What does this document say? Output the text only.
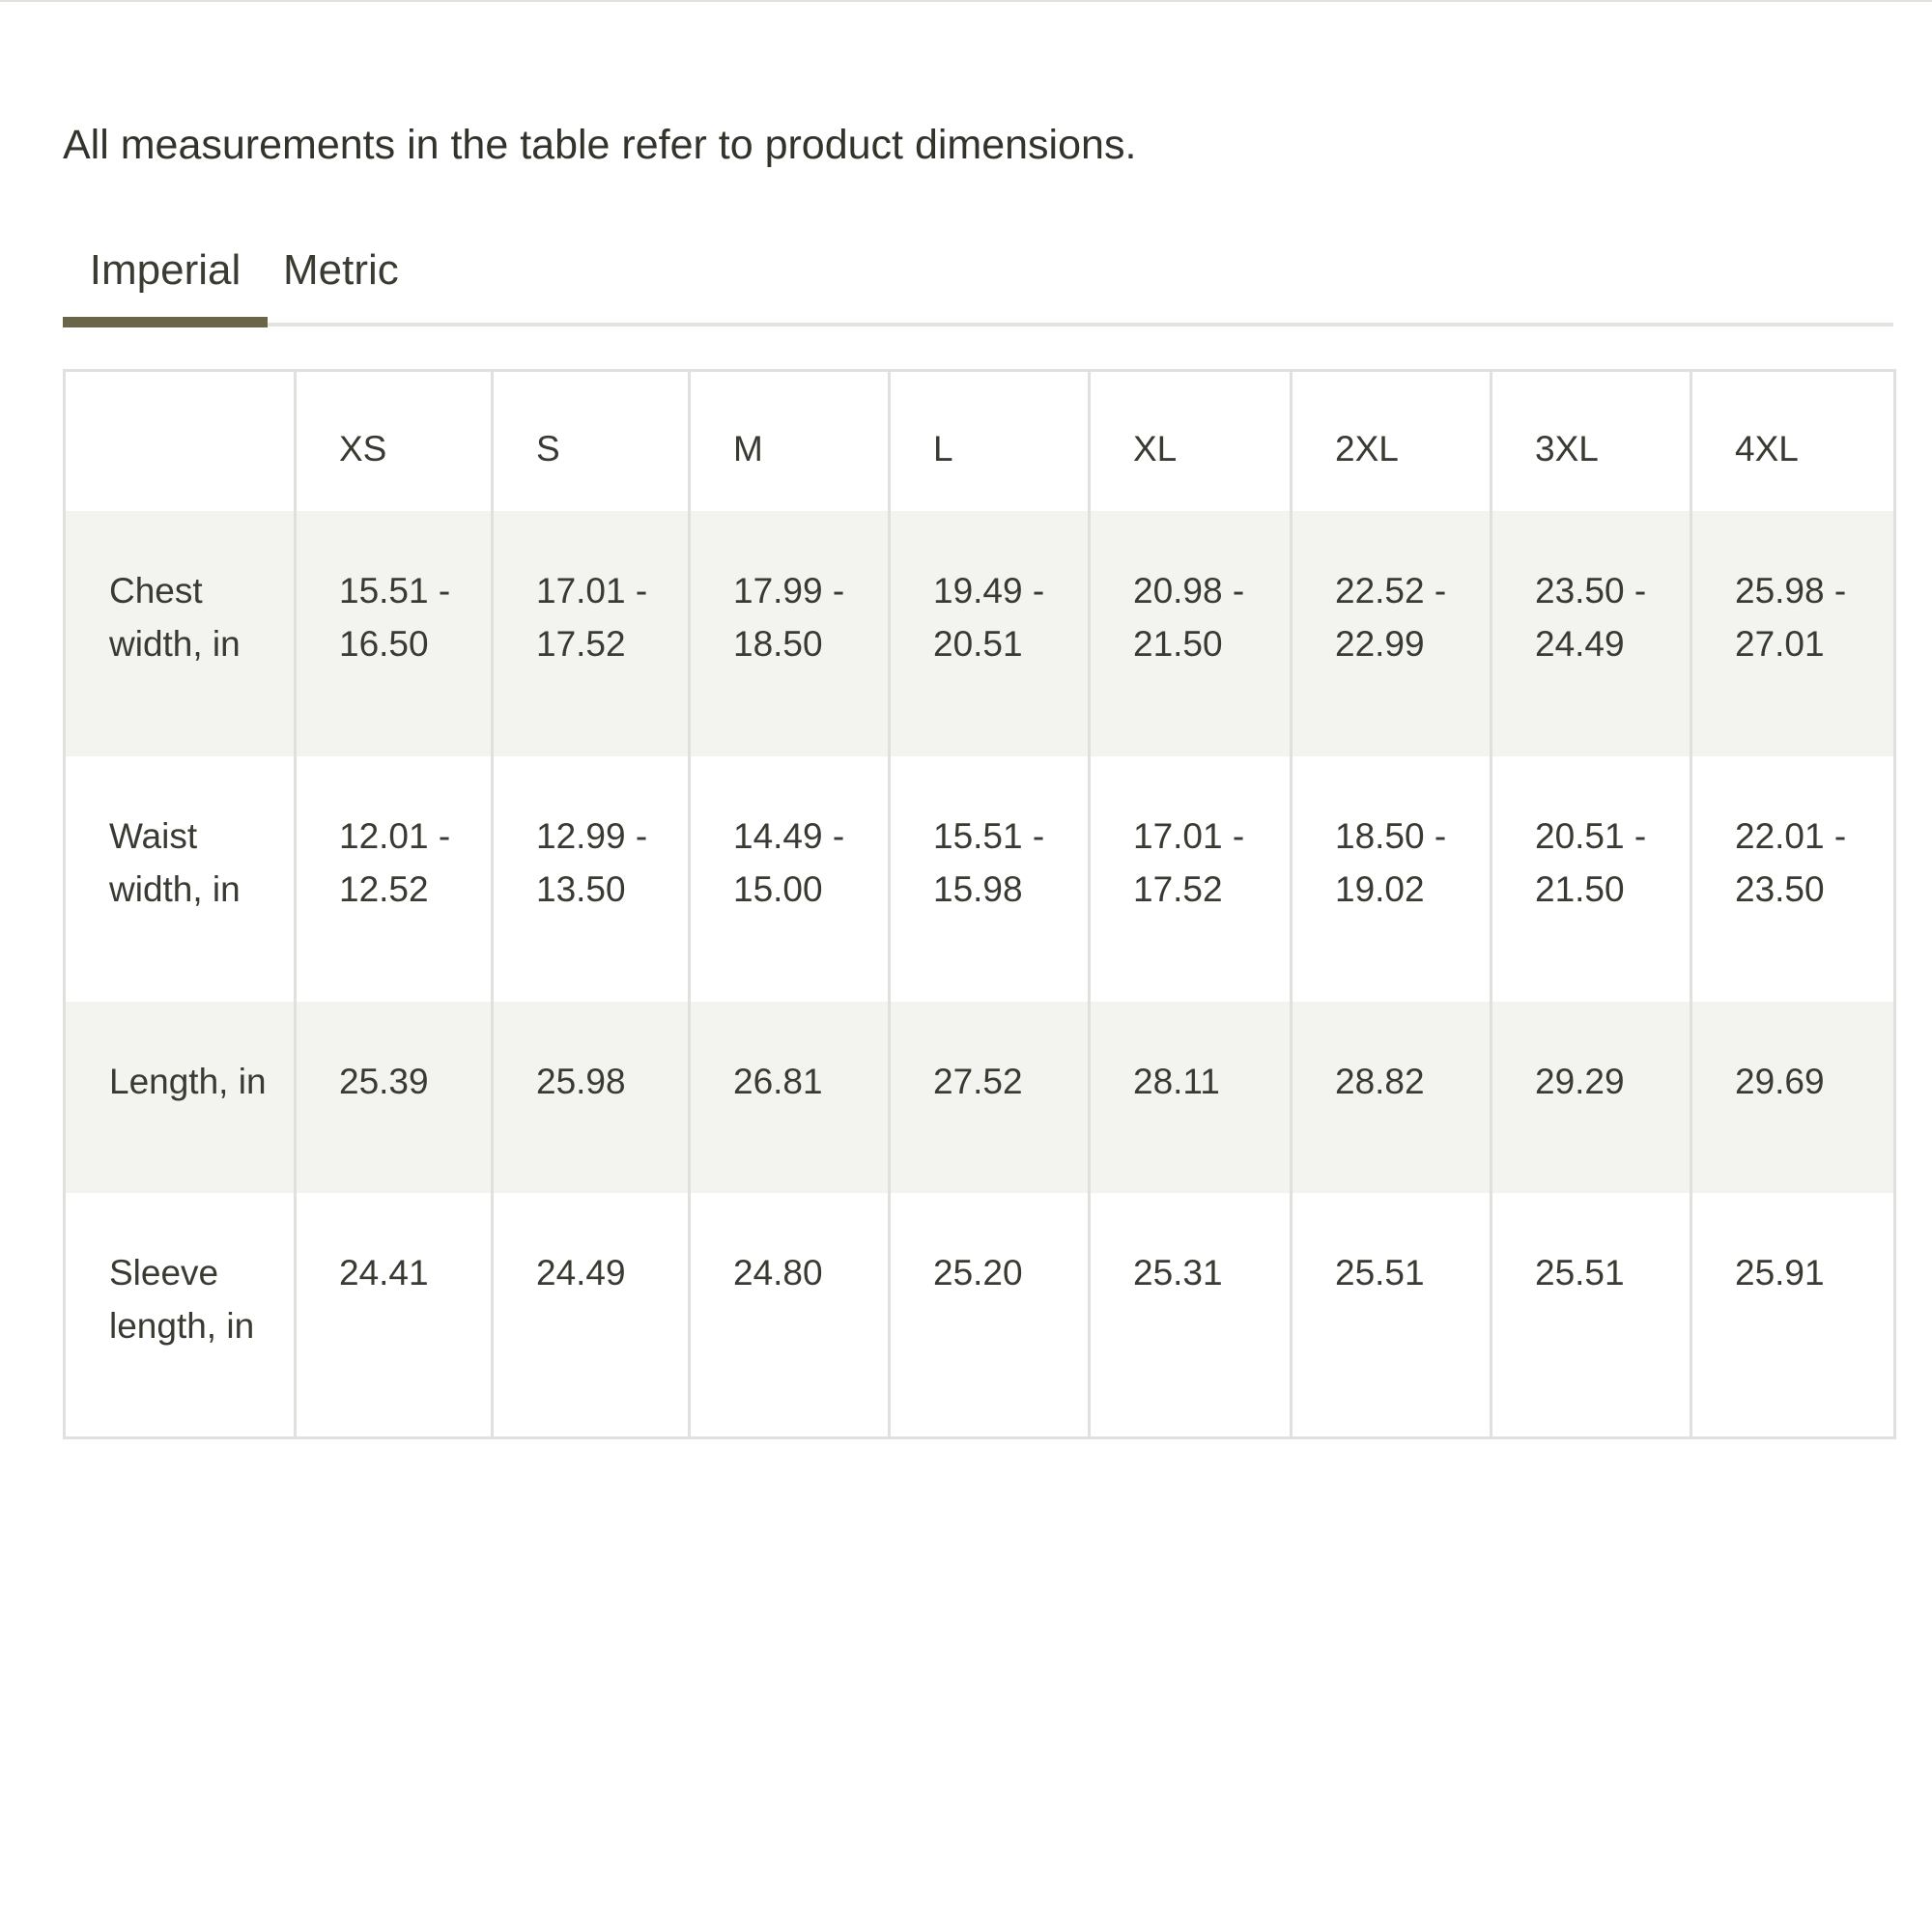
All measurements in the table refer to product dimensions.
Imperial Metric
	XS	S	M	L	XL	2XL	3XL	4XL
Chest width, in	15.51 - 16.50	17.01 - 17.52	17.99 - 18.50	19.49 - 20.51	20.98 - 21.50	22.52 - 22.99	23.50 - 24.49	25.98 - 27.01
Waist width, in	12.01 - 12.52	12.99 - 13.50	14.49 - 15.00	15.51 - 15.98	17.01 - 17.52	18.50 - 19.02	20.51 - 21.50	22.01 - 23.50
Length, in	25.39	25.98	26.81	27.52	28.11	28.82	29.29	29.69
Sleeve length, in	24.41	24.49	24.80	25.20	25.31	25.51	25.51	25.91
